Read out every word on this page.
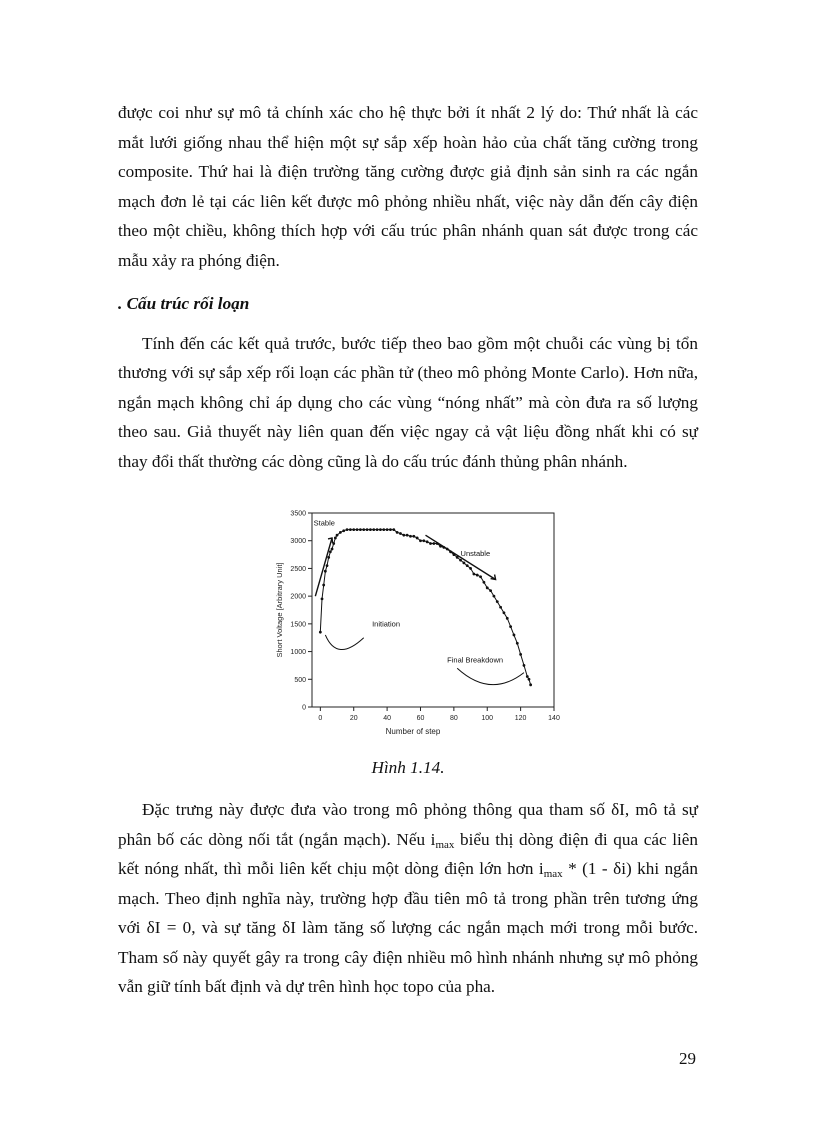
được coi như sự mô tả chính xác cho hệ thực bởi ít nhất 2 lý do: Thứ nhất là các mắt lưới giống nhau thể hiện một sự sắp xếp hoàn hảo của chất tăng cường trong composite. Thứ hai là điện trường tăng cường được giả định sản sinh ra các ngắn mạch đơn lẻ tại các liên kết được mô phỏng nhiều nhất, việc này dẫn đến cây điện theo một chiều, không thích hợp với cấu trúc phân nhánh quan sát được trong các mẫu xảy ra phóng điện.

. Cấu trúc rối loạn

Tính đến các kết quả trước, bước tiếp theo bao gồm một chuỗi các vùng bị tổn thương với sự sắp xếp rối loạn các phần tử (theo mô phỏng Monte Carlo). Hơn nữa, ngắn mạch không chỉ áp dụng cho các vùng “nóng nhất” mà còn đưa ra số lượng theo sau. Giả thuyết này liên quan đến việc ngay cả vật liệu đồng nhất khi có sự thay đổi thất thường các dòng cũng là do cấu trúc đánh thủng phân nhánh.

0	20	40	60	80	100	120	140
0
500
1000
1500
2000
2500
3000
3500
Number of step
Short Voltage [Arbitrary Unit]
Stable
Unstable
Initiation
Final Breakdown
Hình 1.14.

Đặc trưng này được đưa vào trong mô phỏng thông qua tham số δI, mô tả sự phân bố các dòng nối tắt (ngắn mạch). Nếu $i_{max}$ biểu thị dòng điện đi qua các liên kết nóng nhất, thì mỗi liên kết chịu một dòng điện lớn hơn $i_{max} * (1 - \delta i)$ khi ngắn mạch. Theo định nghĩa này, trường hợp đầu tiên mô tả trong phần trên tương ứng với δI = 0, và sự tăng δI làm tăng số lượng các ngắn mạch mới trong mỗi bước. Tham số này quyết gây ra trong cây điện nhiều mô hình nhánh nhưng sự mô phỏng vẫn giữ tính bất định và dự trên hình học topo của pha.

29
